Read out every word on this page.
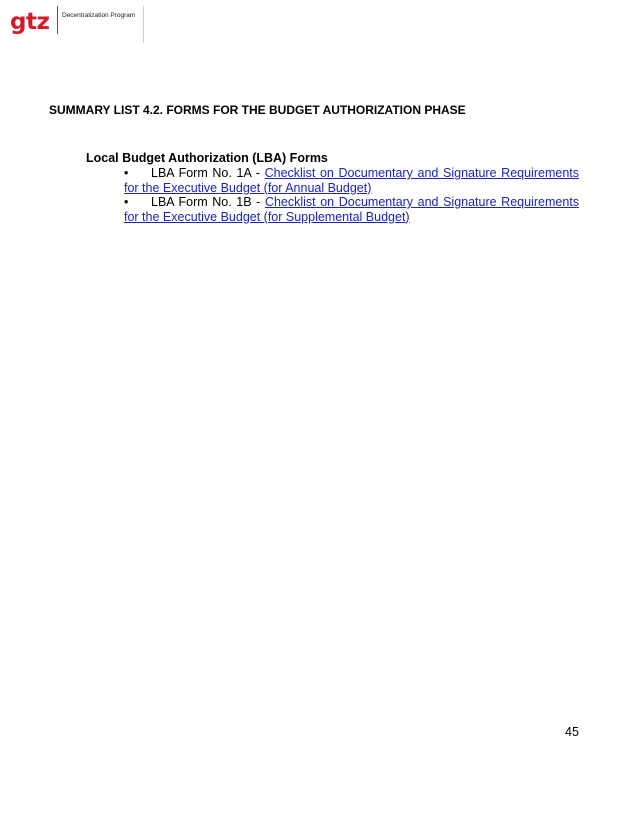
gtz Decentralization Program
SUMMARY LIST 4.2. FORMS FOR THE BUDGET AUTHORIZATION PHASE
Local Budget Authorization (LBA) Forms
• LBA Form No. 1A - Checklist on Documentary and Signature Requirements for the Executive Budget (for Annual Budget)
• LBA Form No. 1B - Checklist on Documentary and Signature Requirements for the Executive Budget (for Supplemental Budget)
45
